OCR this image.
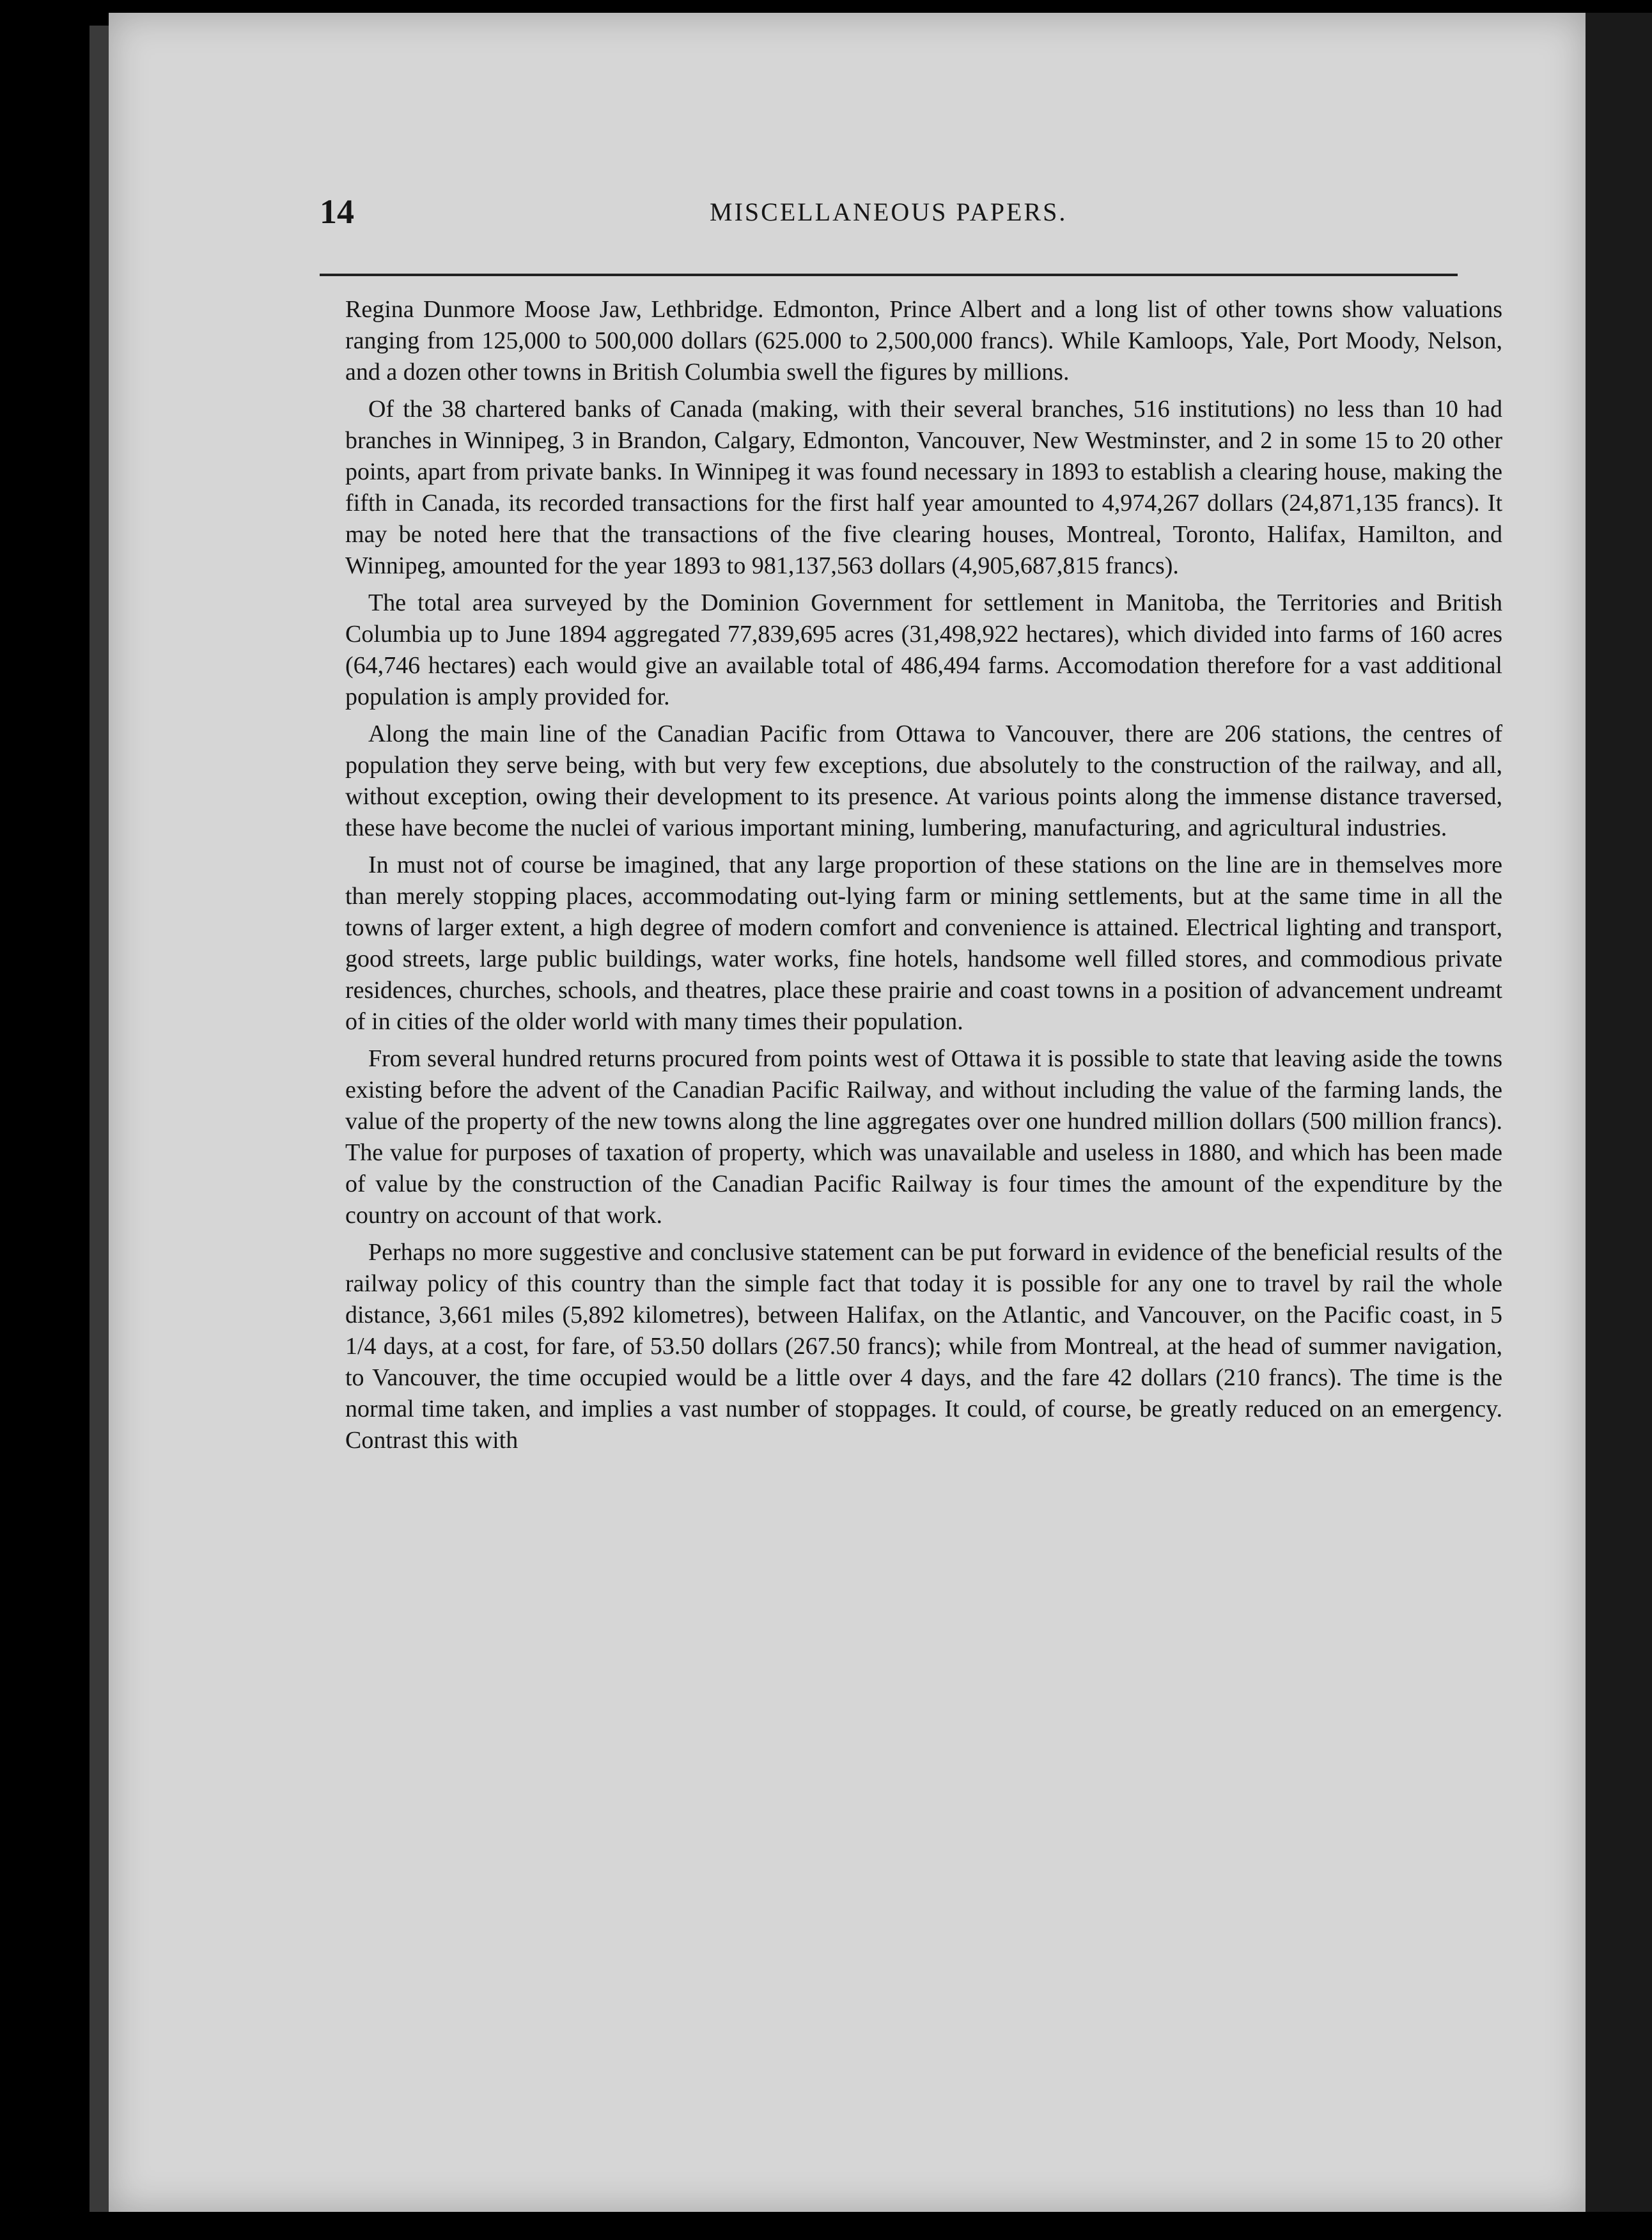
14	MISCELLANEOUS PAPERS.

Regina Dunmore Moose Jaw, Lethbridge. Edmonton, Prince Albert and a long list of other towns show valuations ranging from 125,000 to 500,000 dollars (625.000 to 2,500,000 francs). While Kamloops, Yale, Port Moody, Nelson, and a dozen other towns in British Columbia swell the figures by millions.

Of the 38 chartered banks of Canada (making, with their several branches, 516 institutions) no less than 10 had branches in Winnipeg, 3 in Brandon, Calgary, Edmonton, Vancouver, New Westminster, and 2 in some 15 to 20 other points, apart from private banks. In Winnipeg it was found necessary in 1893 to establish a clearing house, making the fifth in Canada, its recorded transactions for the first half year amounted to 4,974,267 dollars (24,871,135 francs). It may be noted here that the transactions of the five clearing houses, Montreal, Toronto, Halifax, Hamilton, and Winnipeg, amounted for the year 1893 to 981,137,563 dollars (4,905,687,815 francs).

The total area surveyed by the Dominion Government for settlement in Manitoba, the Territories and British Columbia up to June 1894 aggregated 77,839,695 acres (31,498,922 hectares), which divided into farms of 160 acres (64,746 hectares) each would give an available total of 486,494 farms. Accomodation therefore for a vast additional population is amply provided for.

Along the main line of the Canadian Pacific from Ottawa to Vancouver, there are 206 stations, the centres of population they serve being, with but very few exceptions, due absolutely to the construction of the railway, and all, without exception, owing their development to its presence. At various points along the immense distance traversed, these have become the nuclei of various important mining, lumbering, manufacturing, and agricultural industries.

In must not of course be imagined, that any large proportion of these stations on the line are in themselves more than merely stopping places, accommodating out-lying farm or mining settlements, but at the same time in all the towns of larger extent, a high degree of modern comfort and convenience is attained. Electrical lighting and transport, good streets, large public buildings, water works, fine hotels, handsome well filled stores, and commodious private residences, churches, schools, and theatres, place these prairie and coast towns in a position of advancement undreamt of in cities of the older world with many times their population.

From several hundred returns procured from points west of Ottawa it is possible to state that leaving aside the towns existing before the advent of the Canadian Pacific Railway, and without including the value of the farming lands, the value of the property of the new towns along the line aggregates over one hundred million dollars (500 million francs). The value for purposes of taxation of property, which was unavailable and useless in 1880, and which has been made of value by the construction of the Canadian Pacific Railway is four times the amount of the expenditure by the country on account of that work.

Perhaps no more suggestive and conclusive statement can be put forward in evidence of the beneficial results of the railway policy of this country than the simple fact that today it is possible for any one to travel by rail the whole distance, 3,661 miles (5,892 kilometres), between Halifax, on the Atlantic, and Vancouver, on the Pacific coast, in 5 1/4 days, at a cost, for fare, of 53.50 dollars (267.50 francs); while from Montreal, at the head of summer navigation, to Vancouver, the time occupied would be a little over 4 days, and the fare 42 dollars (210 francs). The time is the normal time taken, and implies a vast number of stoppages. It could, of course, be greatly reduced on an emergency. Contrast this with
